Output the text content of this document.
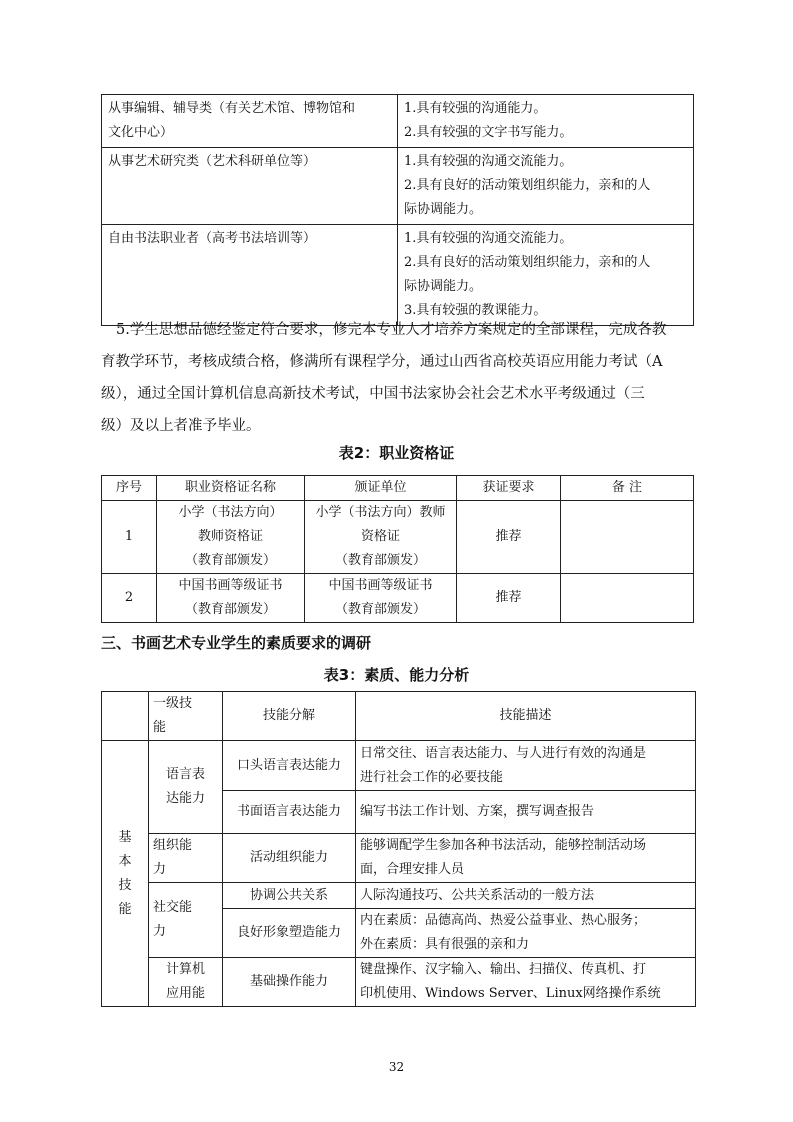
从事编辑、辅导类（有关艺术馆、博物馆和
文化中心）	1.具有较强的沟通能力。
2.具有较强的文字书写能力。

从事艺术研究类（艺术科研单位等）	1.具有较强的沟通交流能力。
2.具有良好的活动策划组织能力，亲和的人
际协调能力。

自由书法职业者（高考书法培训等）	1.具有较强的沟通交流能力。
2.具有良好的活动策划组织能力，亲和的人
际协调能力。
3.具有较强的教课能力。
5.学生思想品德经鉴定符合要求，修完本专业人才培养方案规定的全部课程，完成各教
育教学环节，考核成绩合格，修满所有课程学分，通过山西省高校英语应用能力考试（A
级），通过全国计算机信息高新技术考试，中国书法家协会社会艺术水平考级通过（三
级）及以上者准予毕业。
表2：职业资格证
序号	职业资格证名称	颁证单位	获证要求	备 注
1	小学（书法方向）
教师资格证
（教育部颁发）	小学（书法方向）教师
资格证
（教育部颁发）	推荐	
2	中国书画等级证书
（教育部颁发）	中国书画等级证书
（教育部颁发）	推荐	
三、书画艺术专业学生的素质要求的调研
表3：素质、能力分析

	一级技
能	技能分解	技能描述

基
本
技
能	语言表
达能力	口头语言表达能力	日常交往、语言表达能力、与人进行有效的沟通是
进行社会工作的必要技能

		书面语言表达能力	编写书法工作计划、方案，撰写调查报告

	组织能
力	活动组织能力	能够调配学生参加各种书法活动，能够控制活动场
面，合理安排人员

	社交能
力	协调公共关系	人际沟通技巧、公共关系活动的一般方法

		良好形象塑造能力	内在素质：品德高尚、热爱公益事业、热心服务；
外在素质：具有很强的亲和力

	计算机
应用能	基础操作能力	键盘操作、汉字输入、输出、扫描仪、传真机、打
印机使用、Windows Server、Linux网络操作系统
32
